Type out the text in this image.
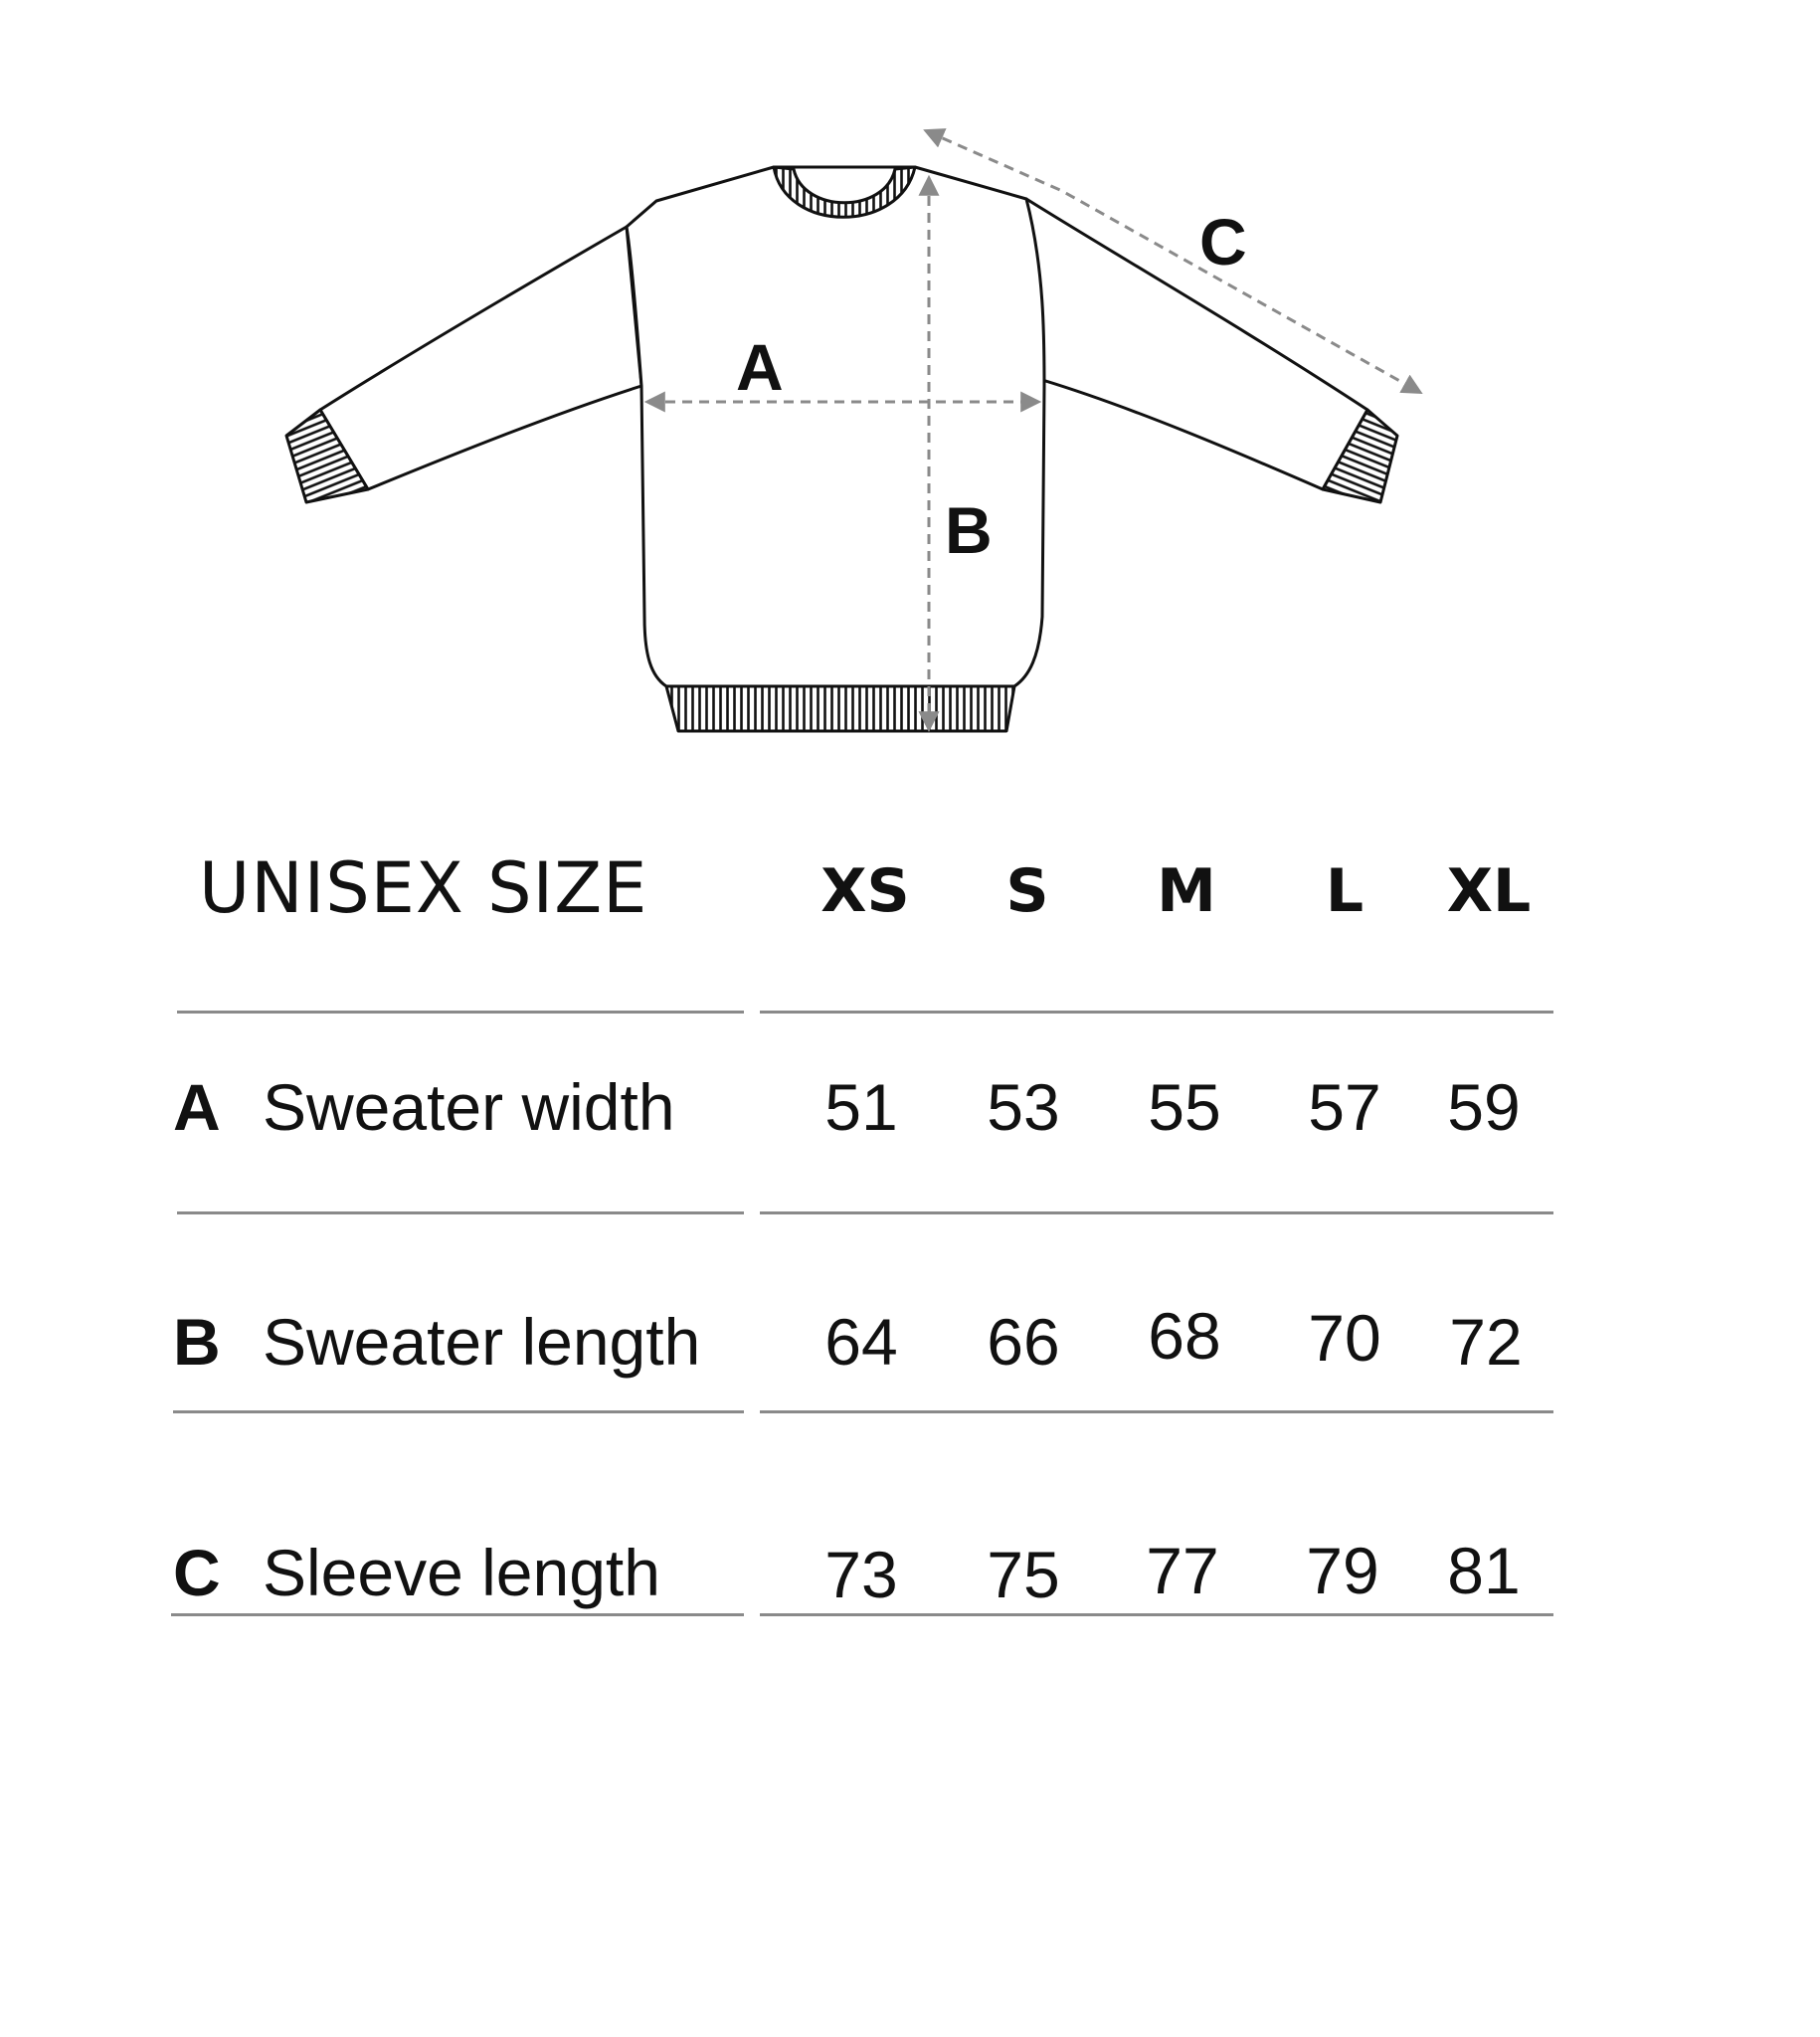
A
B
C
UNISEX SIZE	XS	S	M	L	XL
A Sweater width	51	53	55	57	59
B Sweater length	64	66	68	70	72
C Sleeve length	73	75	77	79	81
